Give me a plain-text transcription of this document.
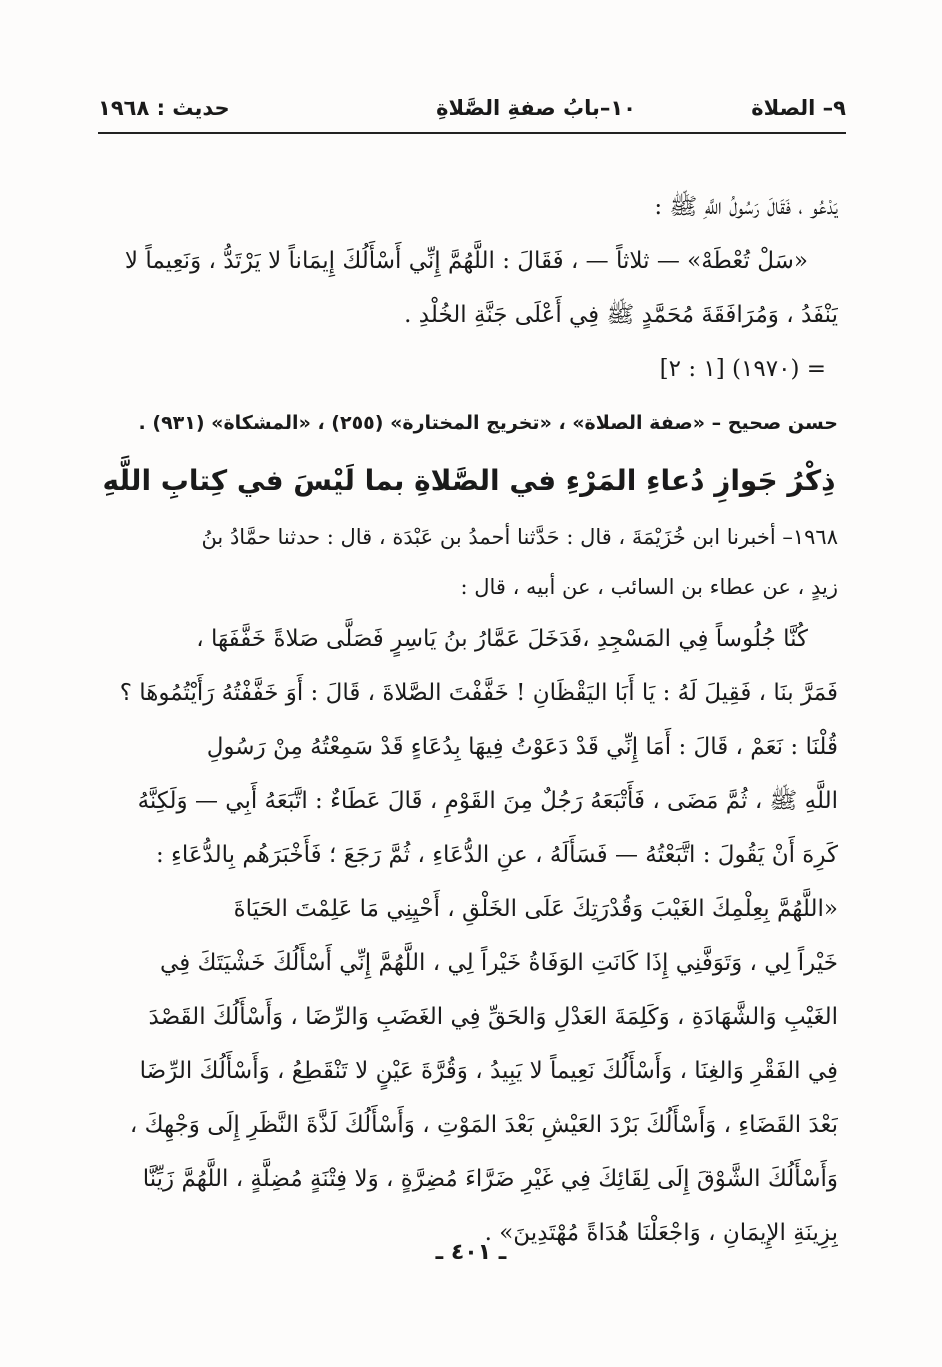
٩– الصلاة
١٠–بابُ صفةِ الصَّلاةِ
حديث : ١٩٦٨
يَدْعُو ، فَقَالَ رَسُولُ اللَّهِ ﷺ :
«سَلْ تُعْطَهْ» — ثلاثاً — ، فَقَالَ : اللَّهُمَّ إِنِّي أَسْأَلُكَ إِيمَاناً لا يَرْتَدُّ ، وَنَعِيماً لا
يَنْفَدُ ، وَمُرَافَقَةَ مُحَمَّدٍ ﷺ فِي أَعْلَى جَنَّةِ الخُلْدِ .
= (١٩٧٠) [١ : ٢]
حسن صحيح – «صفة الصلاة» ، «تخريج المختارة» (٢٥٥) ، «المشكاة» (٩٣١) .
ذِكْرُ جَوازِ دُعاءِ المَرْءِ في الصَّلاةِ بما لَيْسَ في كِتابِ اللَّهِ
١٩٦٨– أخبرنا ابن خُزَيْمَةَ ، قال : حَدَّثنا أحمدُ بن عَبْدَة ، قال : حدثنا حمَّادُ بنُ
زيدٍ ، عن عطاء بن السائب ، عن أبيه ، قال :
كُنَّا جُلُوساً فِي المَسْجِدِ ،فَدَخَلَ عَمَّارُ بنُ يَاسِرٍ فَصَلَّى صَلاةً خَفَّفَهَا ،
فَمَرَّ بنَا ، فَقِيلَ لَهُ : يَا أَبَا اليَقْظَانِ ! خَفَّفْتَ الصَّلاةَ ، قَالَ : أَوَ خَفَّفْتُهُ رَأَيْتُمُوهَا ؟
قُلْنَا : نَعَمْ ، قَالَ : أَمَا إِنِّي قَدْ دَعَوْتُ فِيهَا بِدُعَاءٍ قَدْ سَمِعْتُهُ مِنْ رَسُولِ
اللَّهِ ﷺ ، ثُمَّ مَضَى ، فَأَتْبَعَهُ رَجُلٌ مِنَ القَوْمِ ، قَالَ عَطَاءٌ : اتَّبَعَهُ أَبِي — وَلَكِنَّهُ
كَرِهَ أَنْ يَقُولَ : اتَّبَعْتُهُ — فَسَأَلَهُ ، عنِ الدُّعَاءِ ، ثُمَّ رَجَعَ ؛ فَأَخْبَرَهُم بِالدُّعَاءِ :
«اللَّهُمَّ بِعِلْمِكَ الغَيْبَ وَقُدْرَتِكَ عَلَى الخَلْقِ ، أَحْيِنِي مَا عَلِمْتَ الحَيَاةَ
خَيْراً لِي ، وَتَوَفَّنِي إِذَا كَانَتِ الوَفَاةُ خَيْراً لِي ، اللَّهُمَّ إِنِّي أَسْأَلُكَ خَشْيَتَكَ فِي
الغَيْبِ وَالشَّهَادَةِ ، وَكَلِمَةَ العَدْلِ وَالحَقِّ فِي الغَضَبِ وَالرِّضَا ، وَأَسْأَلُكَ القَصْدَ
فِي الفَقْرِ وَالغِنَا ، وَأَسْأَلُكَ نَعِيماً لا يَبِيدُ ، وَقُرَّةَ عَيْنٍ لا تَنْقَطِعُ ، وَأَسْأَلُكَ الرِّضَا
بَعْدَ القَضَاءِ ، وَأَسْأَلُكَ بَرْدَ العَيْشِ بَعْدَ المَوْتِ ، وَأَسْأَلُكَ لَذَّةَ النَّظَرِ إِلَى وَجْهِكَ ،
وَأَسْأَلُكَ الشَّوْقَ إِلَى لِقَائِكَ فِي غَيْرِ ضَرَّاءَ مُضِرَّةٍ ، وَلا فِتْنَةٍ مُضِلَّةٍ ، اللَّهُمَّ زَيِّنَّا
بِزِينَةِ الإِيمَانِ ، وَاجْعَلْنَا هُدَاةً مُهْتَدِينَ» .
ـ ٤٠١ ـ
